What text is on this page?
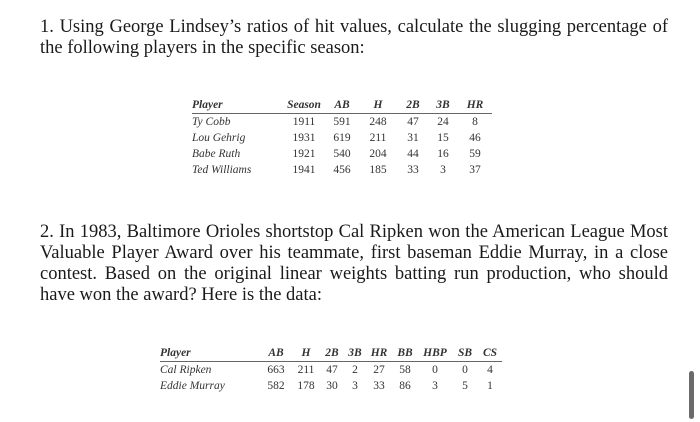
1. Using George Lindsey’s ratios of hit values, calculate the slugging percentage of the following players in the specific season:
Player	Season	AB	H	2B	3B	HR
Ty Cobb	1911	591	248	47	24	8
Lou Gehrig	1931	619	211	31	15	46
Babe Ruth	1921	540	204	44	16	59
Ted Williams	1941	456	185	33	3	37
2. In 1983, Baltimore Orioles shortstop Cal Ripken won the American League Most Valuable Player Award over his teammate, first baseman Eddie Murray, in a close contest. Based on the original linear weights batting run production, who should have won the award? Here is the data:
Player	AB	H	2B	3B	HR	BB	HBP	SB	CS
Cal Ripken	663	211	47	2	27	58	0	0	4
Eddie Murray	582	178	30	3	33	86	3	5	1
